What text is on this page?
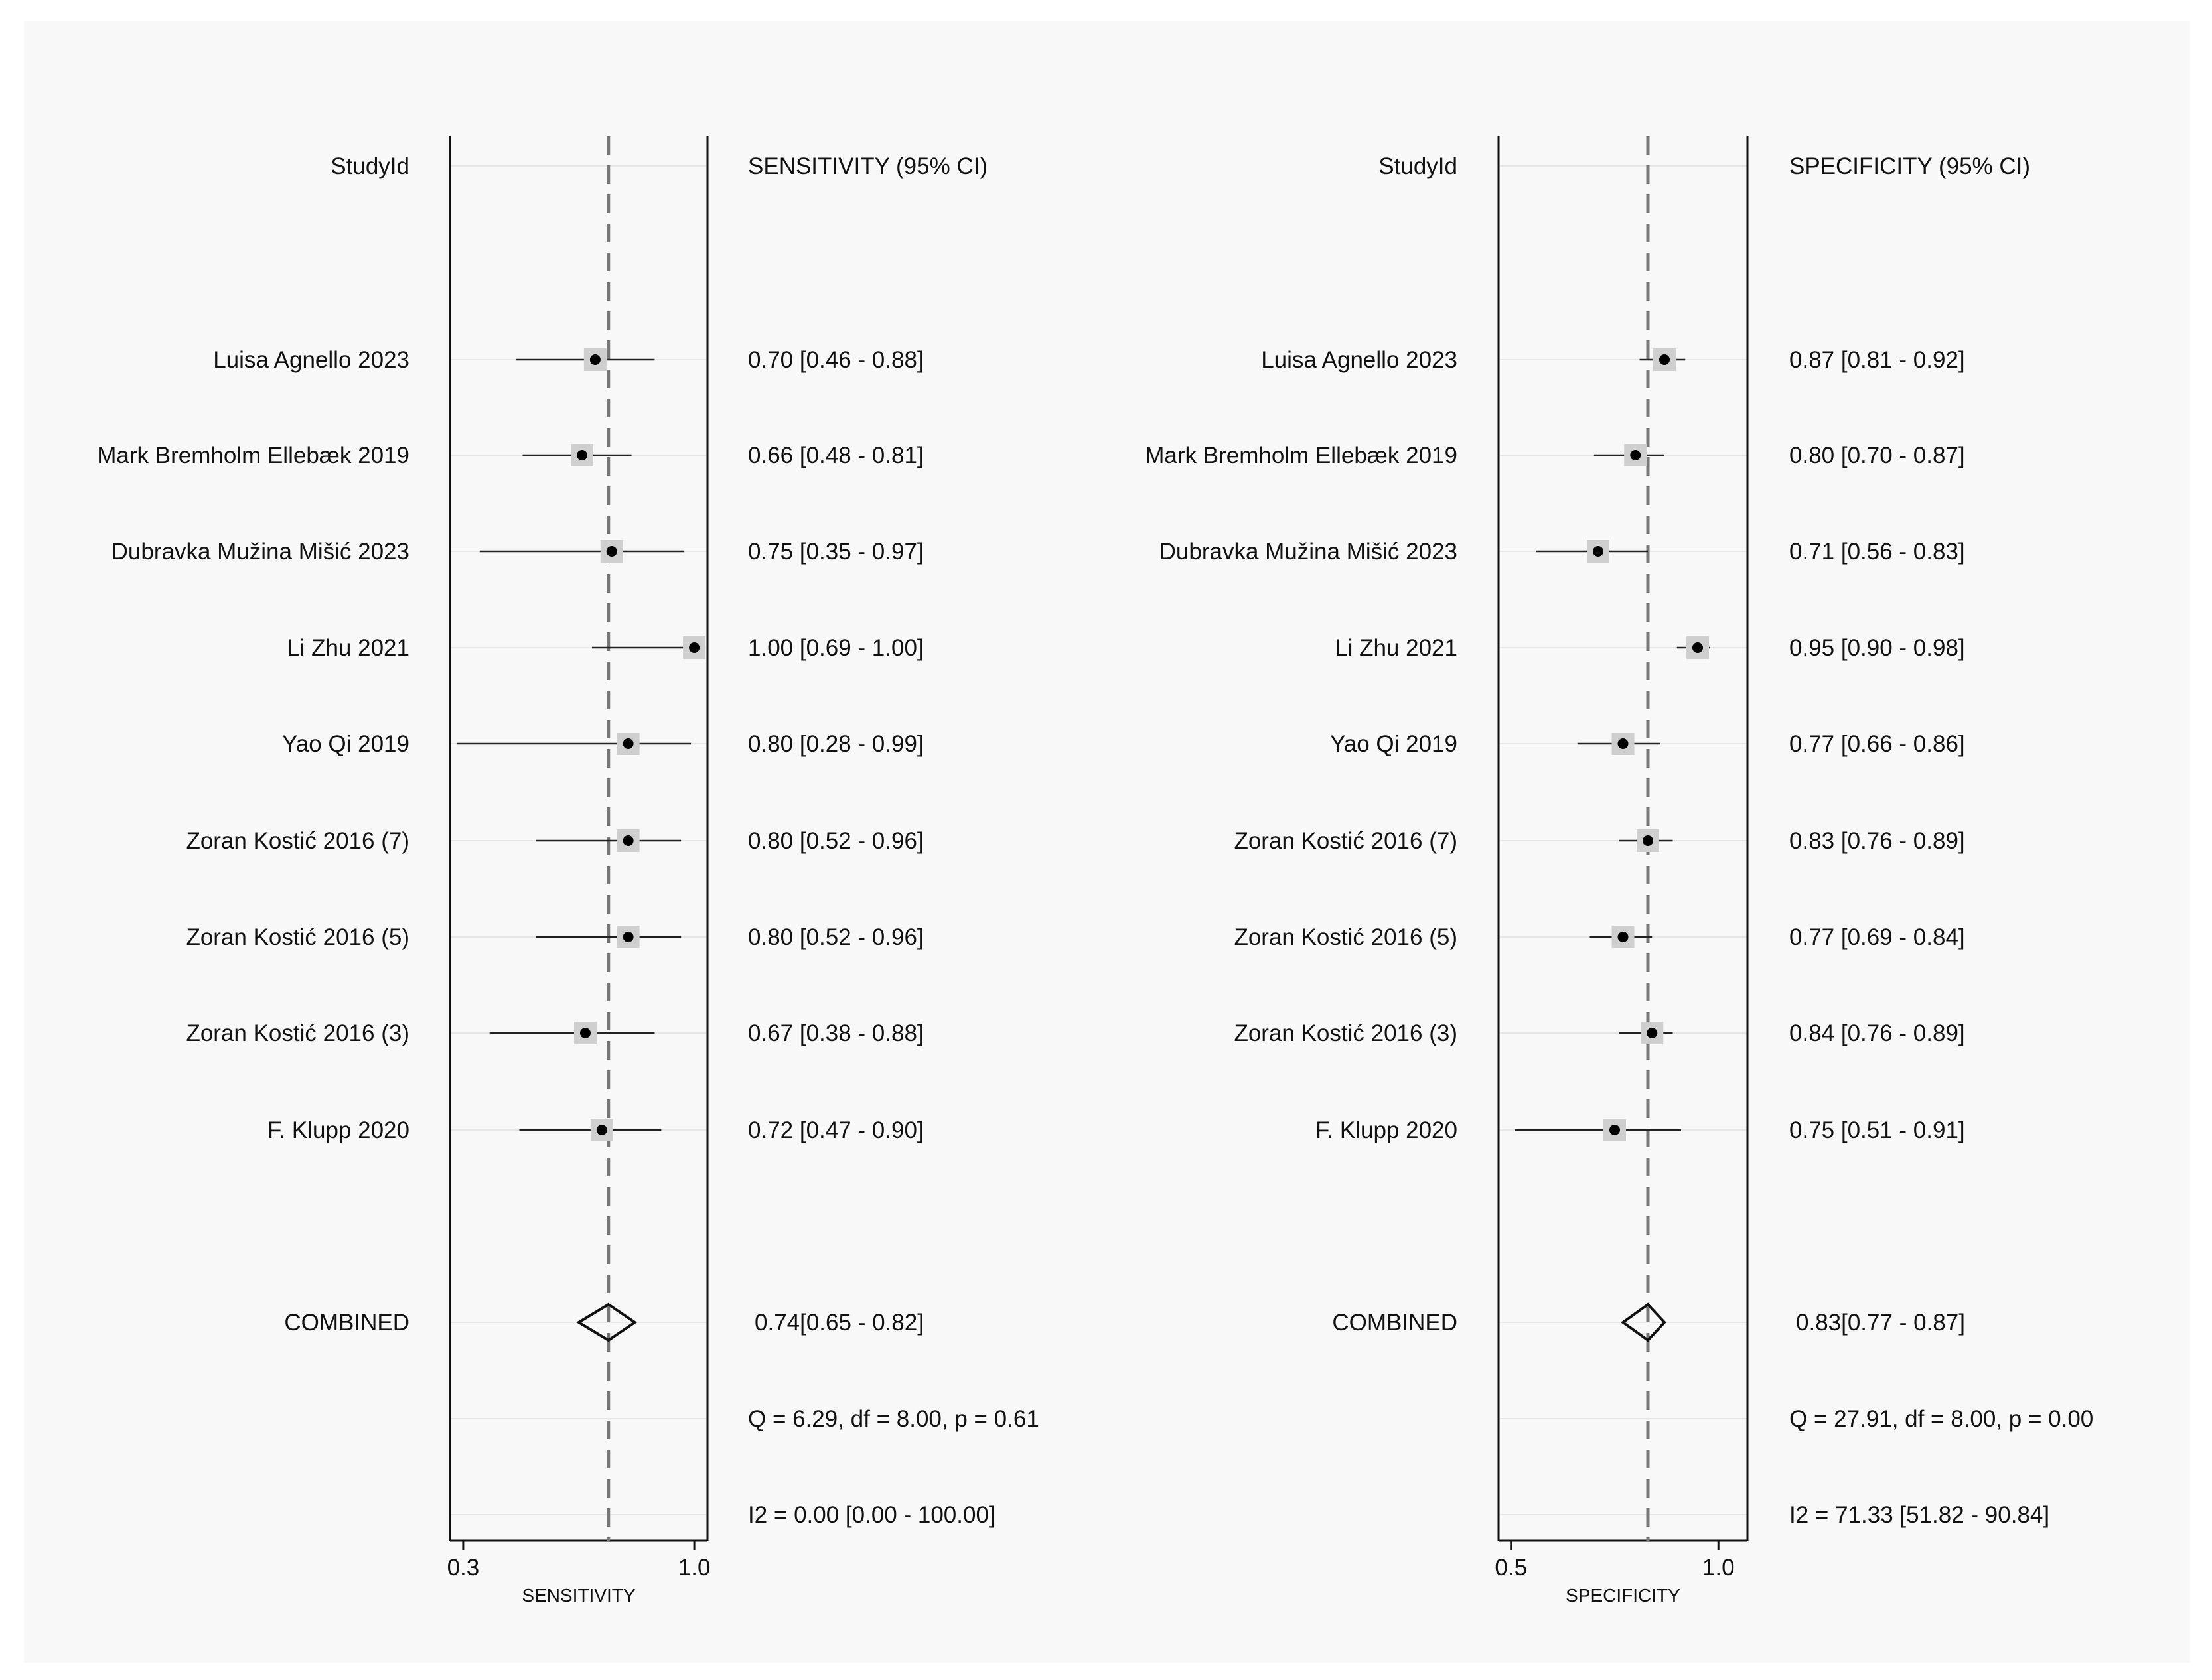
0.3	1.0
SENSITIVITY
StudyId	SENSITIVITY (95% CI)
Luisa Agnello 2023	0.70 [0.46 - 0.88]
Mark Bremholm Ellebæk 2019	0.66 [0.48 - 0.81]
Dubravka Mužina Mišić 2023	0.75 [0.35 - 0.97]
Li Zhu 2021	1.00 [0.69 - 1.00]
Yao Qi 2019	0.80 [0.28 - 0.99]
Zoran Kostić 2016 (7)	0.80 [0.52 - 0.96]
Zoran Kostić 2016 (5)	0.80 [0.52 - 0.96]
Zoran Kostić 2016 (3)	0.67 [0.38 - 0.88]
F. Klupp 2020	0.72 [0.47 - 0.90]
COMBINED	0.74[0.65 - 0.82]
Q = 6.29, df = 8.00, p = 0.61
I2 = 0.00 [0.00 - 100.00]
0.5	1.0
SPECIFICITY
StudyId	SPECIFICITY (95% CI)
Luisa Agnello 2023	0.87 [0.81 - 0.92]
Mark Bremholm Ellebæk 2019	0.80 [0.70 - 0.87]
Dubravka Mužina Mišić 2023	0.71 [0.56 - 0.83]
Li Zhu 2021	0.95 [0.90 - 0.98]
Yao Qi 2019	0.77 [0.66 - 0.86]
Zoran Kostić 2016 (7)	0.83 [0.76 - 0.89]
Zoran Kostić 2016 (5)	0.77 [0.69 - 0.84]
Zoran Kostić 2016 (3)	0.84 [0.76 - 0.89]
F. Klupp 2020	0.75 [0.51 - 0.91]
COMBINED	0.83[0.77 - 0.87]
Q = 27.91, df = 8.00, p = 0.00
I2 = 71.33 [51.82 - 90.84]
